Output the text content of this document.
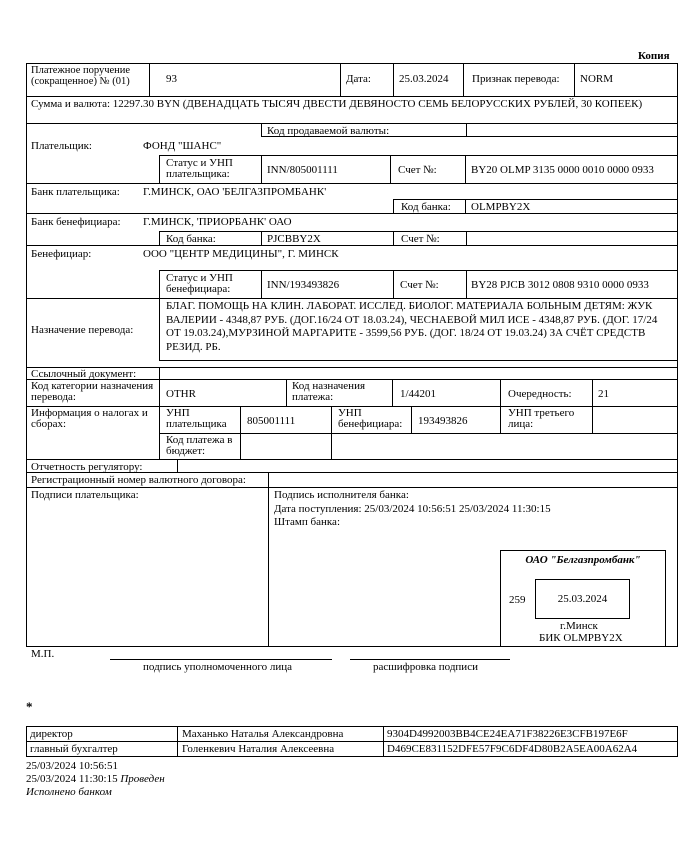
Копия
Платежное поручение (сокращенное) № (01)	93	Дата:	25.03.2024 Признак перевода: NORM
Сумма и валюта: 12297.30 BYN (ДВЕНАДЦАТЬ ТЫСЯЧ ДВЕСТИ ДЕВЯНОСТО СЕМЬ БЕЛОРУССКИХ РУБЛЕЙ, 30 КОПЕЕК)
Код продаваемой валюты:
Плательщик:	ФОНД "ШАНС"
Статус и УНП плательщика:	INN/805001111	Счет №:	BY20 OLMP 3135 0000 0010 0000 0933
Банк плательщика: Г.МИНСК, ОАО 'БЕЛГАЗПРОМБАНК'
Код банка: OLMPBY2X
Банк бенефициара: Г.МИНСК, 'ПРИОРБАНК' ОАО
Код банка:	PJCBBY2X	Счет №:
Бенефициар:	ООО "ЦЕНТР МЕДИЦИНЫ", Г. МИНСК
Статус и УНП бенефициара:	INN/193493826	Счет №:	BY28 PJCB 3012 0808 9310 0000 0933
Назначение перевода:
БЛАГ. ПОМОЩЬ НА КЛИН. ЛАБОРАТ. ИССЛЕД. БИОЛОГ. МАТЕРИАЛА БОЛЬНЫМ ДЕТЯМ: ЖУК ВАЛЕРИИ - 4348,87 РУБ. (ДОГ.16/24 ОТ 18.03.24), ЧЕСНАЕВОЙ МИЛ ИСЕ - 4348,87 РУБ. (ДОГ. 17/24 ОТ 19.03.24),МУРЗИНОЙ МАРГАРИТЕ - 3599,56 РУБ. (ДОГ. 18/24 ОТ 19.03.24) ЗА СЧЁТ СРЕДСТВ РЕЗИД. РБ.
Ссылочный документ:
Код категории назначения перевода:	OTHR
Код назначения платежа:	1/44201	Очередность: 21
Информация о налогах и сборах:
УНП плательщика	805001111
УНП бенефициара:	193493826
УНП третьего лица:
Код платежа в бюджет:
Отчетность регулятору:
Регистрационный номер валютного договора:
Подписи плательщика:	Подпись исполнителя банка:
Дата поступления: 25/03/2024 10:56:51 25/03/2024 11:30:15
Штамп банка:
ОАО "Белгазпромбанк"
259	25.03.2024
г.Минск
БИК OLMPBY2X
М.П.
подпись уполномоченного лица	расшифровка подписи
*
директор	Маханько Наталья Александровна	9304D4992003BB4CE24EA71F38226E3CFB197E6F
главный бухгалтер	Голенкевич Наталия Алексеевна	D469CE831152DFE57F9C6DF4D80B2A5EA00A62A4
25/03/2024 10:56:51
25/03/2024 11:30:15 Проведен
Исполнено банком
